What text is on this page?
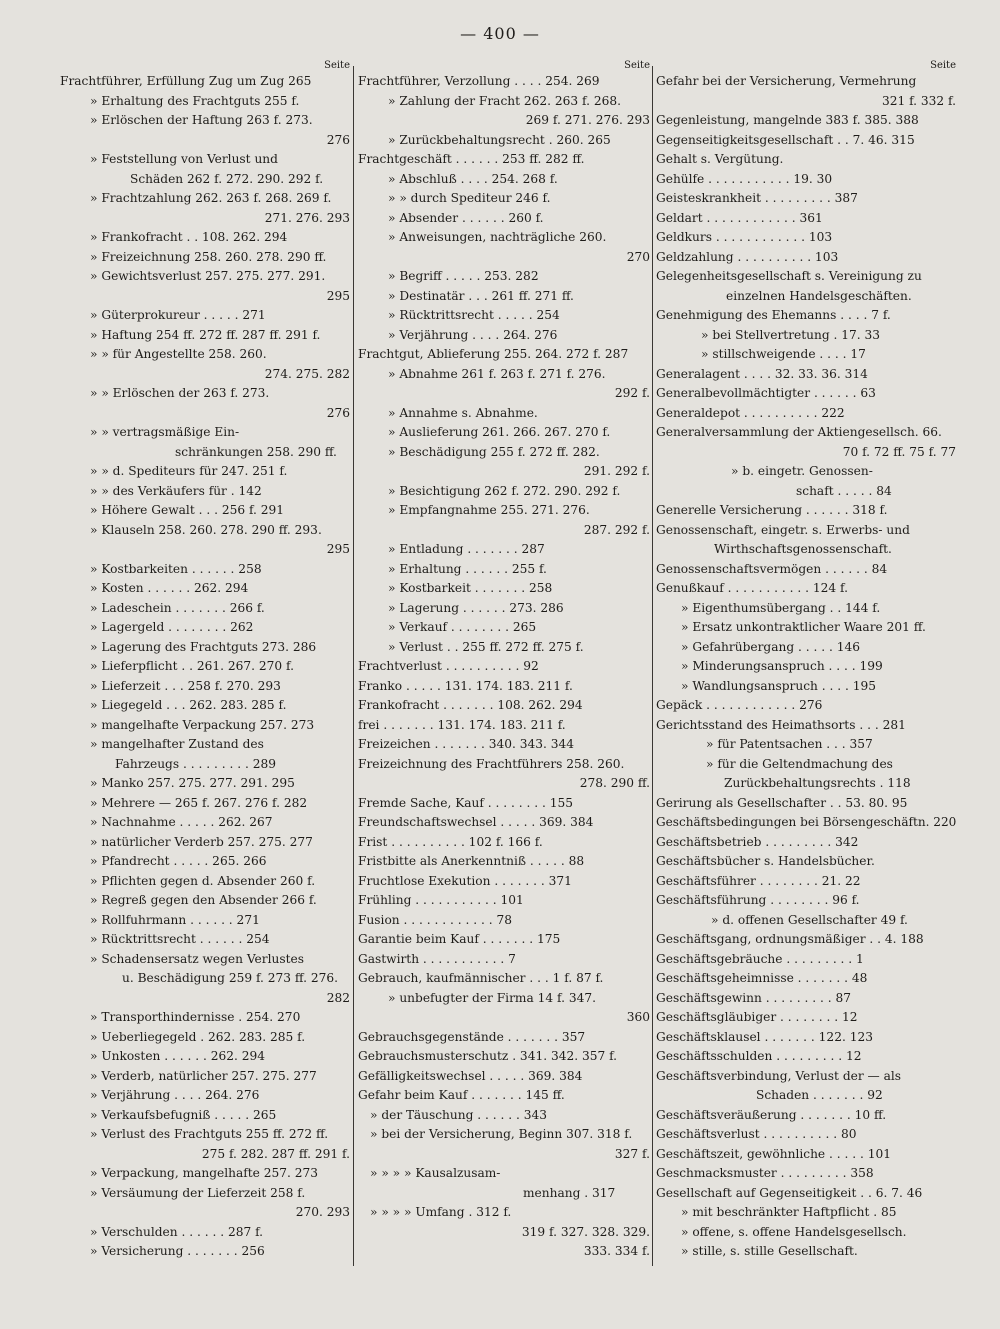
— 400 —
Seite
Frachtführer, Erfüllung Zug um Zug 265
» Erhaltung des Frachtguts 255 f.
» Erlöschen der Haftung 263 f. 273.
276
» Feststellung von Verlust und
Schäden 262 f. 272. 290. 292 f.
» Frachtzahlung 262. 263 f. 268. 269 f.
271. 276. 293
» Frankofracht . . 108. 262. 294
» Freizeichnung 258. 260. 278. 290 ff.
» Gewichtsverlust 257. 275. 277. 291.
295
» Güterprokureur . . . . . 271
» Haftung 254 ff. 272 ff. 287 ff. 291 f.
» » für Angestellte 258. 260.
274. 275. 282
» » Erlöschen der 263 f. 273.
276
» » vertragsmäßige Ein-
schränkungen 258. 290 ff.
» » d. Spediteurs für 247. 251 f.
» » des Verkäufers für . 142
» Höhere Gewalt . . . 256 f. 291
» Klauseln 258. 260. 278. 290 ff. 293.
295
» Kostbarkeiten . . . . . . 258
» Kosten . . . . . . 262. 294
» Ladeschein . . . . . . . 266 f.
» Lagergeld . . . . . . . . 262
» Lagerung des Frachtguts 273. 286
» Lieferpflicht . . 261. 267. 270 f.
» Lieferzeit . . . 258 f. 270. 293
» Liegegeld . . . 262. 283. 285 f.
» mangelhafte Verpackung 257. 273
» mangelhafter Zustand des
Fahrzeugs . . . . . . . . . 289
» Manko 257. 275. 277. 291. 295
» Mehrere — 265 f. 267. 276 f. 282
» Nachnahme . . . . . 262. 267
» natürlicher Verderb 257. 275. 277
» Pfandrecht . . . . . 265. 266
» Pflichten gegen d. Absender 260 f.
» Regreß gegen den Absender 266 f.
» Rollfuhrmann . . . . . . 271
» Rücktrittsrecht . . . . . . 254
» Schadensersatz wegen Verlustes
u. Beschädigung 259 f. 273 ff. 276.
282
» Transporthindernisse . 254. 270
» Ueberliegegeld . 262. 283. 285 f.
» Unkosten . . . . . . 262. 294
» Verderb, natürlicher 257. 275. 277
» Verjährung . . . . 264. 276
» Verkaufsbefugniß . . . . . 265
» Verlust des Frachtguts 255 ff. 272 ff.
275 f. 282. 287 ff. 291 f.
» Verpackung, mangelhafte 257. 273
» Versäumung der Lieferzeit 258 f.
270. 293
» Verschulden . . . . . . 287 f.
» Versicherung . . . . . . . 256
Seite
Frachtführer, Verzollung . . . . 254. 269
» Zahlung der Fracht 262. 263 f. 268.
269 f. 271. 276. 293
» Zurückbehaltungsrecht . 260. 265
Frachtgeschäft . . . . . . 253 ff. 282 ff.
» Abschluß . . . . 254. 268 f.
» » durch Spediteur 246 f.
» Absender . . . . . . 260 f.
» Anweisungen, nachträgliche 260.
270
» Begriff . . . . . 253. 282
» Destinatär . . . 261 ff. 271 ff.
» Rücktrittsrecht . . . . . 254
» Verjährung . . . . 264. 276
Frachtgut, Ablieferung 255. 264. 272 f. 287
» Abnahme 261 f. 263 f. 271 f. 276.
292 f.
» Annahme s. Abnahme.
» Auslieferung 261. 266. 267. 270 f.
» Beschädigung 255 f. 272 ff. 282.
291. 292 f.
» Besichtigung 262 f. 272. 290. 292 f.
» Empfangnahme 255. 271. 276.
287. 292 f.
» Entladung . . . . . . . 287
» Erhaltung . . . . . . 255 f.
» Kostbarkeit . . . . . . . 258
» Lagerung . . . . . . 273. 286
» Verkauf . . . . . . . . 265
» Verlust . . 255 ff. 272 ff. 275 f.
Frachtverlust . . . . . . . . . . 92
Franko . . . . . 131. 174. 183. 211 f.
Frankofracht . . . . . . . 108. 262. 294
frei . . . . . . . 131. 174. 183. 211 f.
Freizeichen . . . . . . . 340. 343. 344
Freizeichnung des Frachtführers 258. 260.
278. 290 ff.
Fremde Sache, Kauf . . . . . . . . 155
Freundschaftswechsel . . . . . 369. 384
Frist . . . . . . . . . . 102 f. 166 f.
Fristbitte als Anerkenntniß . . . . . 88
Fruchtlose Exekution . . . . . . . 371
Frühling . . . . . . . . . . . 101
Fusion . . . . . . . . . . . . 78
Garantie beim Kauf . . . . . . . 175
Gastwirth . . . . . . . . . . . 7
Gebrauch, kaufmännischer . . . 1 f. 87 f.
» unbefugter der Firma 14 f. 347.
360
Gebrauchsgegenstände . . . . . . . 357
Gebrauchsmusterschutz . 341. 342. 357 f.
Gefälligkeitswechsel . . . . . 369. 384
Gefahr beim Kauf . . . . . . . 145 ff.
» der Täuschung . . . . . . 343
» bei der Versicherung, Beginn 307. 318 f.
327 f.
» » » » Kausalzusam-
menhang . 317
» » » » Umfang . 312 f.
319 f. 327. 328. 329.
333. 334 f.
Seite
Gefahr bei der Versicherung, Vermehrung
321 f. 332 f.
Gegenleistung, mangelnde 383 f. 385. 388
Gegenseitigkeitsgesellschaft . . 7. 46. 315
Gehalt s. Vergütung.
Gehülfe . . . . . . . . . . . 19. 30
Geisteskrankheit . . . . . . . . . 387
Geldart . . . . . . . . . . . . 361
Geldkurs . . . . . . . . . . . . 103
Geldzahlung . . . . . . . . . . 103
Gelegenheitsgesellschaft s. Vereinigung zu
einzelnen Handelsgeschäften.
Genehmigung des Ehemanns . . . . 7 f.
» bei Stellvertretung . 17. 33
» stillschweigende . . . . 17
Generalagent . . . . 32. 33. 36. 314
Generalbevollmächtigter . . . . . . 63
Generaldepot . . . . . . . . . . 222
Generalversammlung der Aktiengesellsch. 66.
70 f. 72 ff. 75 f. 77
» b. eingetr. Genossen-
schaft . . . . . 84
Generelle Versicherung . . . . . . 318 f.
Genossenschaft, eingetr. s. Erwerbs- und
Wirthschaftsgenossenschaft.
Genossenschaftsvermögen . . . . . . 84
Genußkauf . . . . . . . . . . . 124 f.
» Eigenthumsübergang . . 144 f.
» Ersatz unkontraktlicher Waare 201 ff.
» Gefahrübergang . . . . . 146
» Minderungsanspruch . . . . 199
» Wandlungsanspruch . . . . 195
Gepäck . . . . . . . . . . . . 276
Gerichtsstand des Heimathsorts . . . 281
» für Patentsachen . . . 357
» für die Geltendmachung des
Zurückbehaltungsrechts . 118
Gerirung als Gesellschafter . . 53. 80. 95
Geschäftsbedingungen bei Börsengeschäftn. 220
Geschäftsbetrieb . . . . . . . . . 342
Geschäftsbücher s. Handelsbücher.
Geschäftsführer . . . . . . . . 21. 22
Geschäftsführung . . . . . . . . 96 f.
» d. offenen Gesellschafter 49 f.
Geschäftsgang, ordnungsmäßiger . . 4. 188
Geschäftsgebräuche . . . . . . . . . 1
Geschäftsgeheimnisse . . . . . . . 48
Geschäftsgewinn . . . . . . . . . 87
Geschäftsgläubiger . . . . . . . . 12
Geschäftsklausel . . . . . . . 122. 123
Geschäftsschulden . . . . . . . . . 12
Geschäftsverbindung, Verlust der — als
Schaden . . . . . . . 92
Geschäftsveräußerung . . . . . . . 10 ff.
Geschäftsverlust . . . . . . . . . . 80
Geschäftszeit, gewöhnliche . . . . . 101
Geschmacksmuster . . . . . . . . . 358
Gesellschaft auf Gegenseitigkeit . . 6. 7. 46
» mit beschränkter Haftpflicht . 85
» offene, s. offene Handelsgesellsch.
» stille, s. stille Gesellschaft.
